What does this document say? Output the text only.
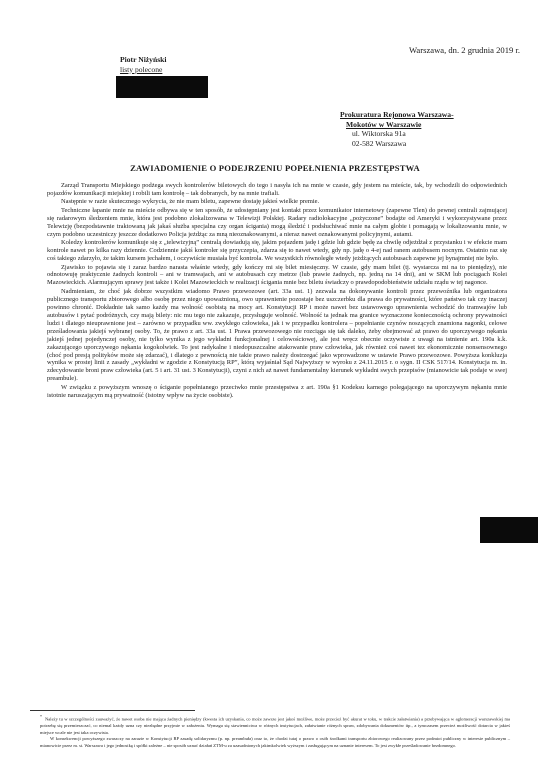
Warszawa, dn. 2 grudnia 2019 r.
Piotr Niżyński
listy polecone
Prokuratura Rejonowa Warszawa-
Mokotów w Warszawie
ul. Wiktorska 91a
02-582 Warszawa
ZAWIADOMIENIE O PODEJRZENIU POPEŁNIENIA PRZESTĘPSTWA

Zarząd Transportu Miejskiego podżega swych kontrolerów biletowych do tego i nasyła ich na mnie w czasie, gdy jestem na mieście, tak, by wchodzili do odpowiednich pojazdów komunikacji miejskiej i robili tam kontrolę – tak dobranych, by na mnie trafiali.

Następnie w razie skutecznego wykrycia, że nie mam biletu, zapewne dostaję jakieś wielkie premie.

Techniczne łapanie mnie na mieście odbywa się w ten sposób, że udostępniany jest kontakt przez komunikator internetowy (zapewne Tlen) do pewnej centrali zajmującej się radarowym śledzeniem mnie, która jest podobno zlokalizowana w Telewizji Polskiej. Radary radiolokacyjne „pożyczone” bodajże od Ameryki i wykorzystywane przez Telewizję (bezpodstawnie traktowaną jak jakaś służba specjalna czy organ ścigania) mogą śledzić i podsłuchiwać mnie na całym globie i pomagają w lokalizowaniu mnie, w czym podobno uczestniczy jeszcze dodatkowo Policja jeżdżąc za mną nieoznakowanymi, a nieraz nawet oznakowanymi policyjnymi, autami.

Koledzy kontrolerów komunikuje się z „telewizyjną” centralą dowiadują się, jakim pojazdem jadę i gdzie lub gdzie będę za chwilę odjeżdżał z przystanku i w efekcie mam kontrole nawet po kilka razy dziennie. Codziennie jakiś kontroler się przyczepia, zdarza się to nawet wtedy, gdy np. jadę o 4-ej nad ranem autobusem nocnym. Ostatnio raz się coś takiego zdarzyło, że takim kursem jechałem, i oczywiście musiała być kontrola. We wszystkich równoległe wtedy jeżdżących autobusach zapewne jej bynajmniej nie było.

Zjawisko to pojawia się i zaraz bardzo narasta właśnie wtedy, gdy kończy mi się bilet miesięczny. W czasie, gdy mam bilet (tj. wystarcza mi na to pieniędzy), nie odnotowuję praktycznie żadnych kontroli – ani w tramwajach, ani w autobusach czy metrze (lub prawie żadnych, np. jedną na 14 dni), ani w SKM lub pociągach Kolei Mazowieckich. Alarmującym sprawy jest także i Kolei Mazowieckich w realizacji ścigania mnie bez biletu świadczy o prawdopodobieństwie udziału rządu w tej nagonce.

Nadmieniam, że choć jak dobrze wszystkim wiadomo Prawo przewozowe (art. 33a ust. 1) zezwala na dokonywanie kontroli przez przewoźnika lub organizatora publicznego transportu zbiorowego albo osobę przez niego upoważnioną, owo uprawnienie pozostaje bez uszczerbku dla prawa do prywatności, które państwo tak czy inaczej powinno chronić. Dokładnie tak samo każdy ma wolność osobistą na mocy art. Konstytucji RP i może nawet bez ustawowego uprawnienia wchodzić do tramwajów lub autobusów i pytać podróżnych, czy mają bilety: nic mu tego nie zakazuje, przysługuje wolność. Wolność ta jednak ma granice wyznaczone koniecznością ochrony prywatności ludzi i dlatego nieuprawnione jest – zarówno w przypadku ww. zwykłego człowieka, jak i w przypadku kontrolera – popełnianie czynów noszących znamiona nagonki, celowe prześladowania jakiejś wybranej osoby. To, że prawo z art. 33a ust. 1 Prawa przewozowego nie rozciąga się tak daleko, żeby obejmować aż prawo do uporczywego nękania jakiejś jednej pojedynczej osoby, nie tylko wynika z jego wykładni funkcjonalnej i celowościowej, ale jest wręcz obecnie oczywiste z uwagi na istnienie art. 190a k.k. zakazującego uporczywego nękania kogokolwiek. To jest radykalne i niedopuszczalne atakowanie praw człowieka, jak również coś nawet tez ekonomicznie nonsensownego (choć pod presją polityków może się zdarzać), i dlatego z pewnością nie takie prawo należy dostrzegać jako wprowadzone w ustawie Prawo przewozowe. Powyższa konkluzja wynika w prostej linii z zasady „wykładni w zgodzie z Konstytucją RP”, którą wyjaśniał Sąd Najwyższy w wyroku z 24.11.2015 r. o sygn. II CSK 517/14. Konstytucja m. in. zdecydowanie broni praw człowieka (art. 5 i art. 31 ust. 3 Konstytucji), czyni z nich aż nawet fundamentalny kierunek wykładni swych przepisów (mianowicie tak podaje w swej preambule).

W związku z powyższym wnoszę o ściganie popełnianego przeciwko mnie przestępstwa z art. 190a §1 Kodeksu karnego polegającego na uporczywym nękaniu mnie istotnie naruszającym mą prywatność (istotny wpływ na życie osobiste).

*Należy tu w szczególności zauważyć, że nawet osoba nie mająca żadnych pieniędzy (kwesta ich uzyskania, co może zawsze jest jakoś możliwe, może przecież być akurat w toku, w trakcie załatwiania) a przebywająca w aglomeracji warszawskiej ma potrzebę się przemieszczać, co niemal każdy uzna czy niezbędne przyjmie w założeniu. Wymaga się stawiennictwa w różnych instytucjach, załatwianie różnych spraw, zdobywania dokumentów itp., a tymczasem przecież możliwość dotarcia w jakieś miejsce wcale nie jest taka oczywista.

W konsekwencji powyższego zwaszczy na zarazie w Konstytucji RP zasadę solidaryzmu (p. np. preambuła) oraz to, że chodzi tutaj o prawo o osób środkami transportu zbiorowego realizowany przez podmiot publiczny w interesie publicznym – mianowicie przez m. st. Warszawa i jego jednostkę i spółki zależne – nie sposób uznać działań ZTM-u za uzasadnionych jakimkolwiek wyższym i zasługującym na uznanie interesem. To jest zwykłe prześladowanie bezdomnego.
